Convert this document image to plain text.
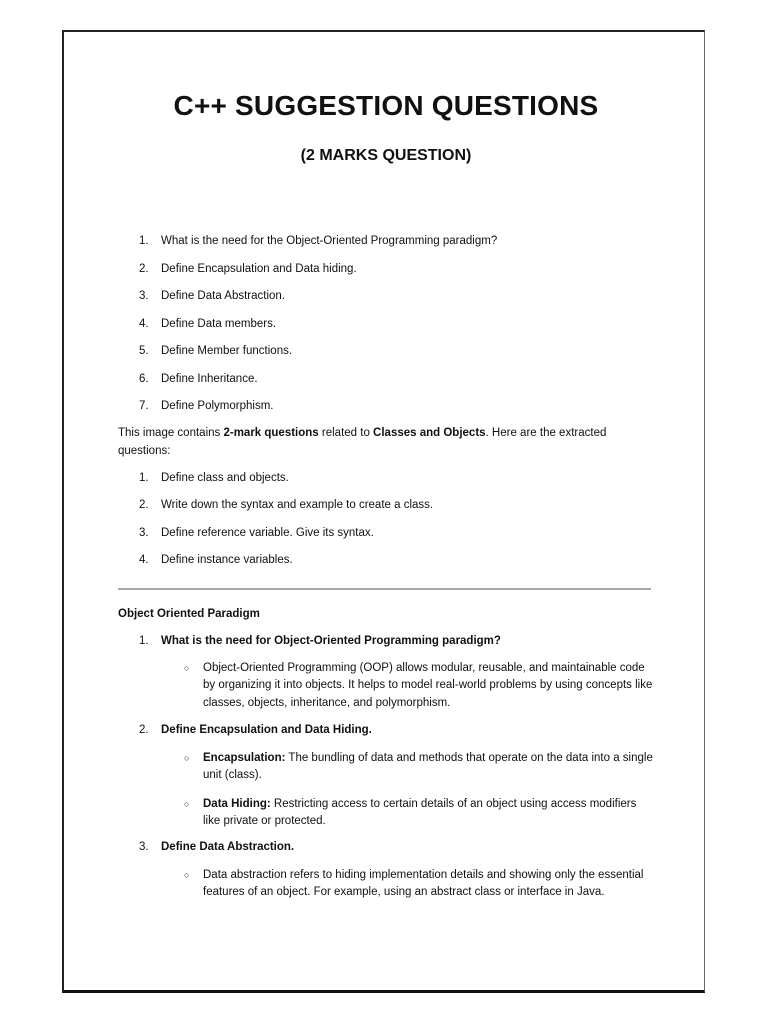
C++ SUGGESTION QUESTIONS
(2 MARKS QUESTION)
1. What is the need for the Object-Oriented Programming paradigm?
2. Define Encapsulation and Data hiding.
3. Define Data Abstraction.
4. Define Data members.
5. Define Member functions.
6. Define Inheritance.
7. Define Polymorphism.
This image contains 2-mark questions related to Classes and Objects. Here are the extracted questions:
1. Define class and objects.
2. Write down the syntax and example to create a class.
3. Define reference variable. Give its syntax.
4. Define instance variables.
Object Oriented Paradigm
1. What is the need for Object-Oriented Programming paradigm?
○ Object-Oriented Programming (OOP) allows modular, reusable, and maintainable code by organizing it into objects. It helps to model real-world problems by using concepts like classes, objects, inheritance, and polymorphism.
2. Define Encapsulation and Data Hiding.
○ Encapsulation: The bundling of data and methods that operate on the data into a single unit (class).
○ Data Hiding: Restricting access to certain details of an object using access modifiers like private or protected.
3. Define Data Abstraction.
○ Data abstraction refers to hiding implementation details and showing only the essential features of an object. For example, using an abstract class or interface in Java.
